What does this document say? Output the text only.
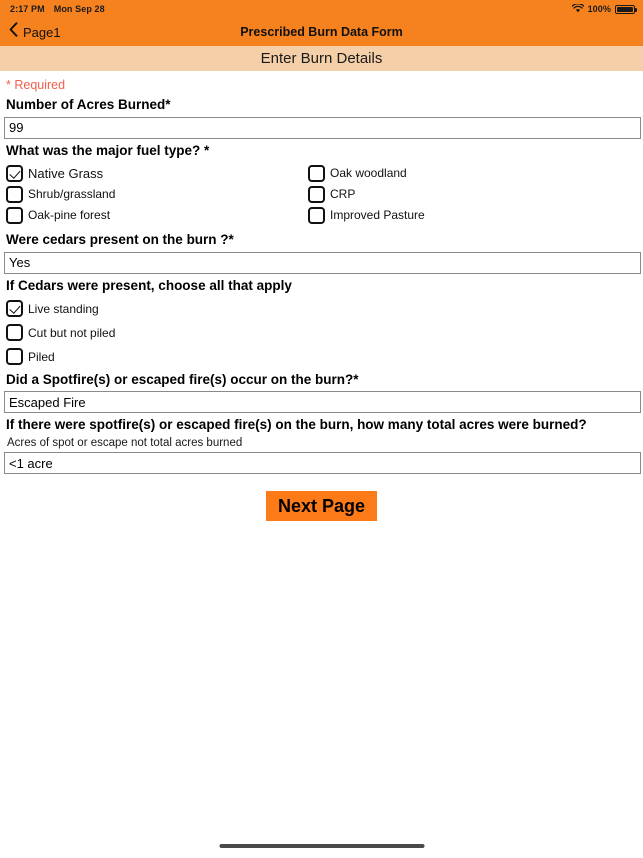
2:17 PM Mon Sep 28	100%
Page1	Prescribed Burn Data Form
Enter Burn Details
* Required
Number of Acres Burned*
99
What was the major fuel type? *
Native Grass
Shrub/grassland
Oak-pine forest
Oak woodland
CRP
Improved Pasture
Were cedars present on the burn ?*
Yes
If Cedars were present, choose all that apply
Live standing
Cut but not piled
Piled
Did a Spotfire(s) or escaped fire(s) occur on the burn?*
Escaped Fire
If there were spotfire(s) or escaped fire(s) on the burn, how many total acres were burned?
Acres of spot or escape not total acres burned
<1 acre
Next Page
